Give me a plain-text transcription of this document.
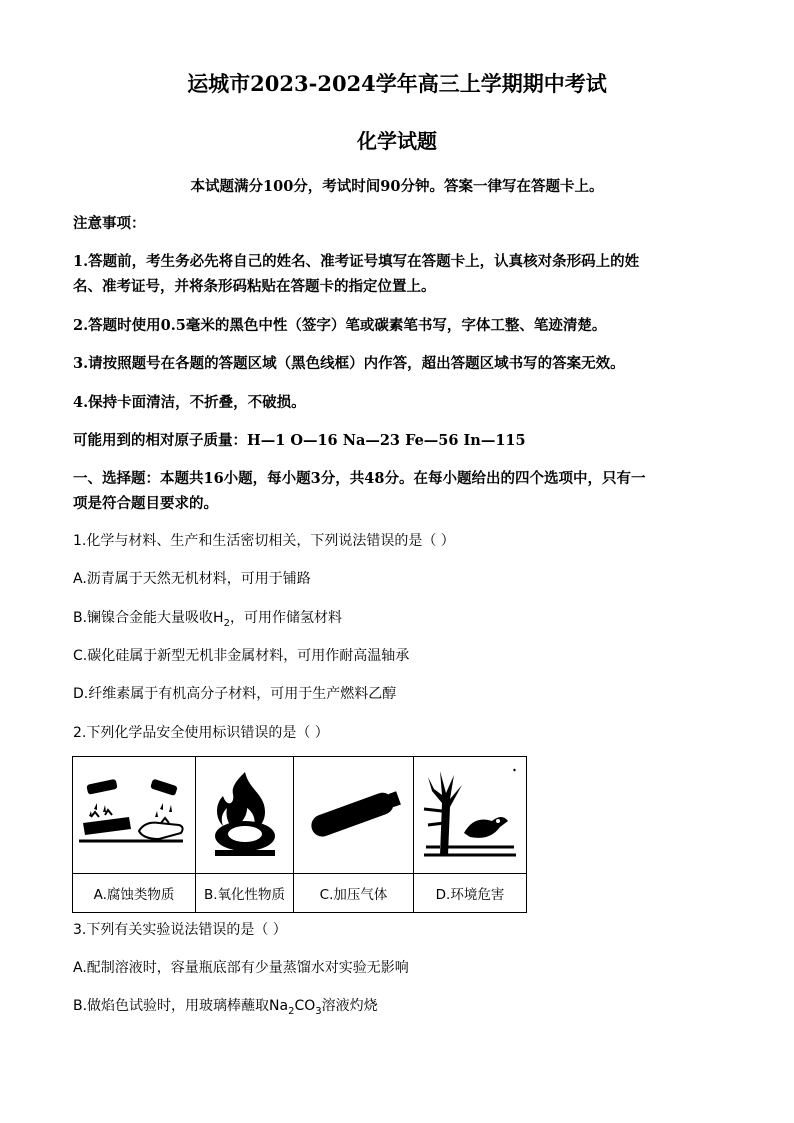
运城市2023-2024学年高三上学期期中考试
化学试题
本试题满分100分，考试时间90分钟。答案一律写在答题卡上。
注意事项：
1.答题前，考生务必先将自己的姓名、准考证号填写在答题卡上，认真核对条形码上的姓
名、准考证号，并将条形码粘贴在答题卡的指定位置上。
2.答题时使用0.5毫米的黑色中性（签字）笔或碳素笔书写，字体工整、笔迹清楚。
3.请按照题号在各题的答题区域（黑色线框）内作答，超出答题区域书写的答案无效。
4.保持卡面清洁，不折叠，不破损。
可能用到的相对原子质量：H—1 O—16 Na—23 Fe—56 In—115
一、选择题：本题共16小题，每小题3分，共48分。在每小题给出的四个选项中，只有一
项是符合题目要求的。
1.化学与材料、生产和生活密切相关，下列说法错误的是（ ）
A.沥青属于天然无机材料，可用于铺路
B.镧镍合金能大量吸收$H_2$，可用作储氢材料
C.碳化硅属于新型无机非金属材料，可用作耐高温轴承
D.纤维素属于有机高分子材料，可用于生产燃料乙醇
2.下列化学品安全使用标识错误的是（ ）

A.腐蚀类物质	B.氧化性物质	C.加压气体	D.环境危害
3.下列有关实验说法错误的是（ ）
A.配制溶液时，容量瓶底部有少量蒸馏水对实验无影响
B.做焰色试验时，用玻璃棒蘸取$Na_2CO_3$溶液灼烧
